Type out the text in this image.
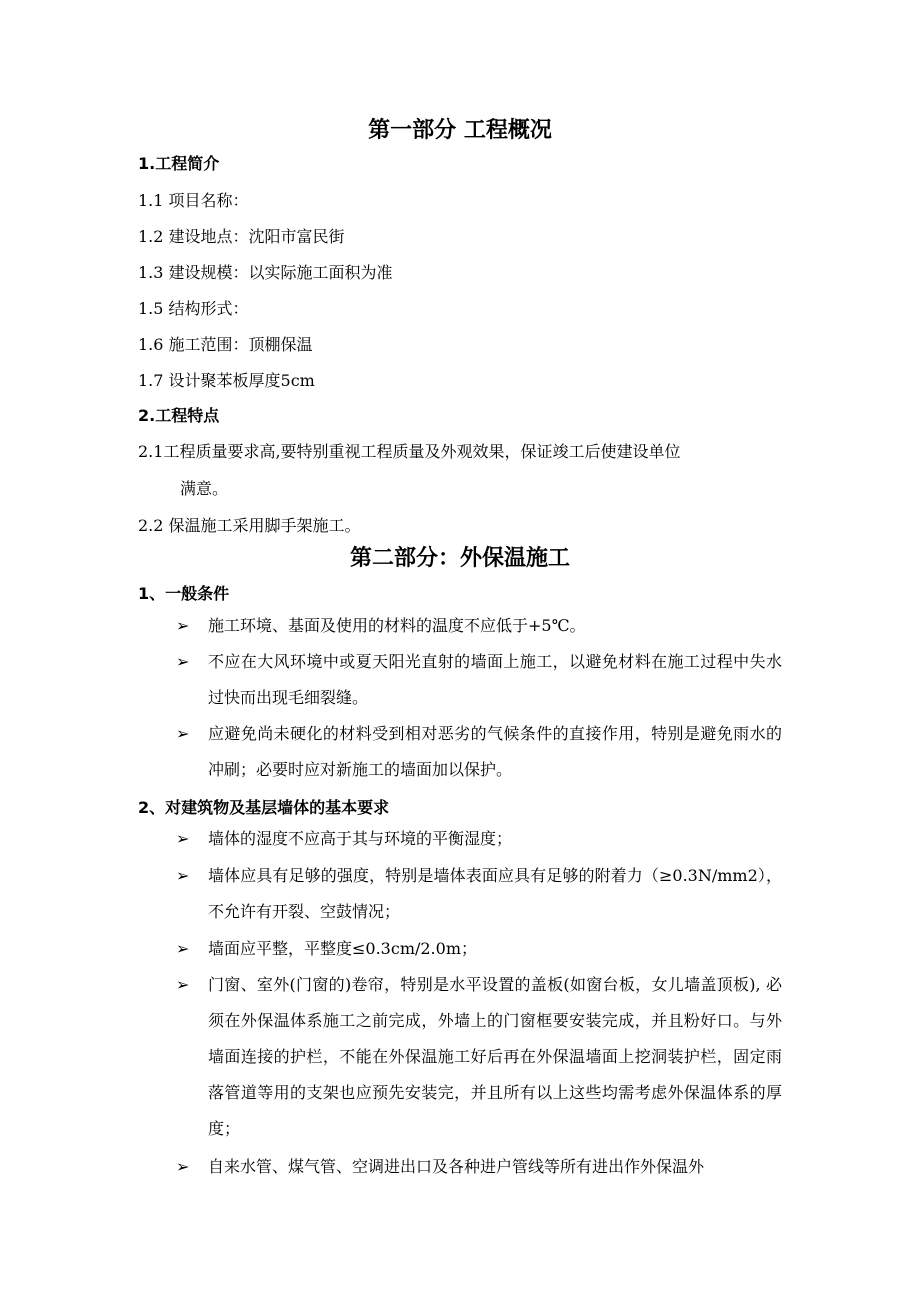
第一部分 工程概况
1.工程简介
1.1 项目名称：
1.2 建设地点：沈阳市富民街
1.3 建设规模：以实际施工面积为准
1.5 结构形式：
1.6 施工范围：顶棚保温
1.7 设计聚苯板厚度5cm
2.工程特点
2.1工程质量要求高,要特别重视工程质量及外观效果，保证竣工后使建设单位
满意。
2.2 保温施工采用脚手架施工。
第二部分：外保温施工
1、一般条件
➢	施工环境、基面及使用的材料的温度不应低于+5℃。
➢	不应在大风环境中或夏天阳光直射的墙面上施工，以避免材料在施工过程中失水过快而出现毛细裂缝。
➢	应避免尚未硬化的材料受到相对恶劣的气候条件的直接作用，特别是避免雨水的冲刷；必要时应对新施工的墙面加以保护。
2、对建筑物及基层墙体的基本要求
➢	墙体的湿度不应高于其与环境的平衡湿度；
➢	墙体应具有足够的强度，特别是墙体表面应具有足够的附着力（≥0.3N/mm2），不允许有开裂、空鼓情况；
➢	墙面应平整，平整度≤0.3cm/2.0m；
➢	门窗、室外(门窗的)卷帘，特别是水平设置的盖板(如窗台板，女儿墙盖顶板), 必须在外保温体系施工之前完成，外墙上的门窗框要安装完成，并且粉好口。与外墙面连接的护栏，不能在外保温施工好后再在外保温墙面上挖洞装护栏，固定雨落管道等用的支架也应预先安装完，并且所有以上这些均需考虑外保温体系的厚度；
➢	自来水管、煤气管、空调进出口及各种进户管线等所有进出作外保温外
